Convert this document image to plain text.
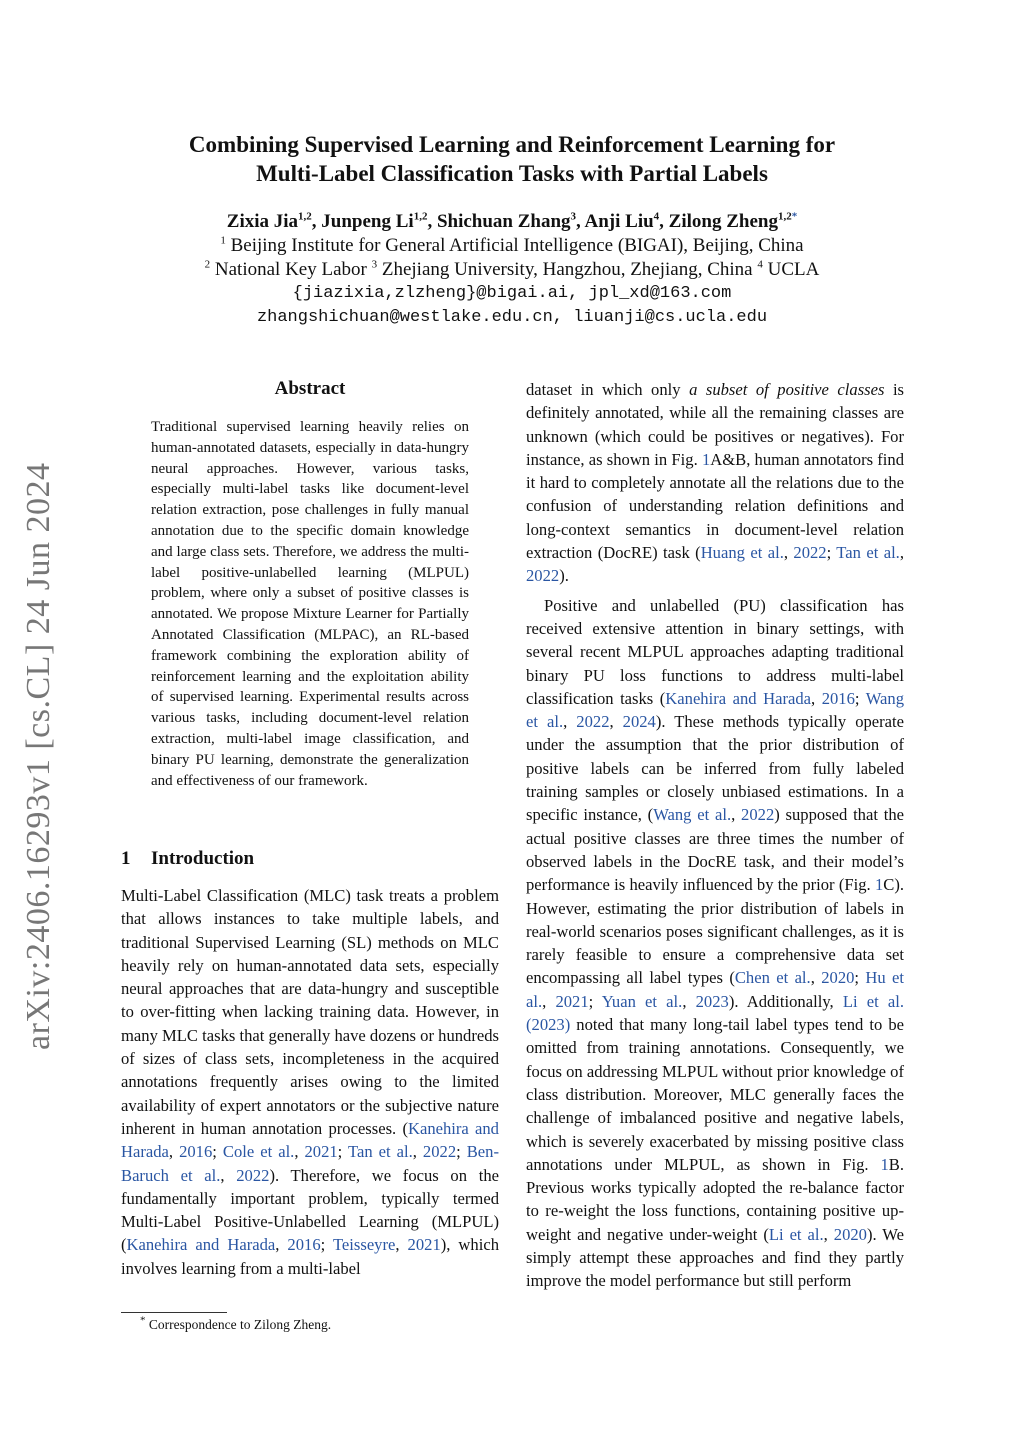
arXiv:2406.16293v1 [cs.CL] 24 Jun 2024
Combining Supervised Learning and Reinforcement Learning for
Multi-Label Classification Tasks with Partial Labels
Zixia Jia$^{1,2}$, Junpeng Li$^{1,2}$, Shichuan Zhang$^3$, Anji Liu$^4$, Zilong Zheng$^{1,2*}$
$^1$ Beijing Institute for General Artificial Intelligence (BIGAI), Beijing, China
$^2$ National Key Labor $^3$ Zhejiang University, Hangzhou, Zhejiang, China $^4$ UCLA
{jiazixia,zlzheng}@bigai.ai, jpl_xd@163.com
zhangshichuan@westlake.edu.cn, liuanji@cs.ucla.edu
Abstract
Traditional supervised learning heavily relies on human-annotated datasets, especially in data-hungry neural approaches. However, various tasks, especially multi-label tasks like document-level relation extraction, pose challenges in fully manual annotation due to the specific domain knowledge and large class sets. Therefore, we address the multi-label positive-unlabelled learning (MLPUL) problem, where only a subset of positive classes is annotated. We propose Mixture Learner for Partially Annotated Classification (MLPAC), an RL-based framework combining the exploration ability of reinforcement learning and the exploitation ability of supervised learning. Experimental results across various tasks, including document-level relation extraction, multi-label image classification, and binary PU learning, demonstrate the generalization and effectiveness of our framework.
1 Introduction

Multi-Label Classification (MLC) task treats a problem that allows instances to take multiple labels, and traditional Supervised Learning (SL) methods on MLC heavily rely on human-annotated data sets, especially neural approaches that are data-hungry and susceptible to over-fitting when lacking training data. However, in many MLC tasks that generally have dozens or hundreds of sizes of class sets, incompleteness in the acquired annotations frequently arises owing to the limited availability of expert annotators or the subjective nature inherent in human annotation processes. (Kanehira and Harada, 2016; Cole et al., 2021; Tan et al., 2022; Ben-Baruch et al., 2022). Therefore, we focus on the fundamentally important problem, typically termed Multi-Label Positive-Unlabelled Learning (MLPUL) (Kanehira and Harada, 2016; Teisseyre, 2021), which involves learning from a multi-label

dataset in which only a subset of positive classes is definitely annotated, while all the remaining classes are unknown (which could be positives or negatives). For instance, as shown in Fig. 1A&B, human annotators find it hard to completely annotate all the relations due to the confusion of understanding relation definitions and long-context semantics in document-level relation extraction (DocRE) task (Huang et al., 2022; Tan et al., 2022).

Positive and unlabelled (PU) classification has received extensive attention in binary settings, with several recent MLPUL approaches adapting traditional binary PU loss functions to address multi-label classification tasks (Kanehira and Harada, 2016; Wang et al., 2022, 2024). These methods typically operate under the assumption that the prior distribution of positive labels can be inferred from fully labeled training samples or closely unbiased estimations. In a specific instance, (Wang et al., 2022) supposed that the actual positive classes are three times the number of observed labels in the DocRE task, and their model’s performance is heavily influenced by the prior (Fig. 1C). However, estimating the prior distribution of labels in real-world scenarios poses significant challenges, as it is rarely feasible to ensure a comprehensive data set encompassing all label types (Chen et al., 2020; Hu et al., 2021; Yuan et al., 2023). Additionally, Li et al. (2023) noted that many long-tail label types tend to be omitted from training annotations. Consequently, we focus on addressing MLPUL without prior knowledge of class distribution. Moreover, MLC generally faces the challenge of imbalanced positive and negative labels, which is severely exacerbated by missing positive class annotations under MLPUL, as shown in Fig. 1B. Previous works typically adopted the re-balance factor to re-weight the loss functions, containing positive up-weight and negative under-weight (Li et al., 2020). We simply attempt these approaches and find they partly improve the model performance but still perform

* Correspondence to Zilong Zheng.
